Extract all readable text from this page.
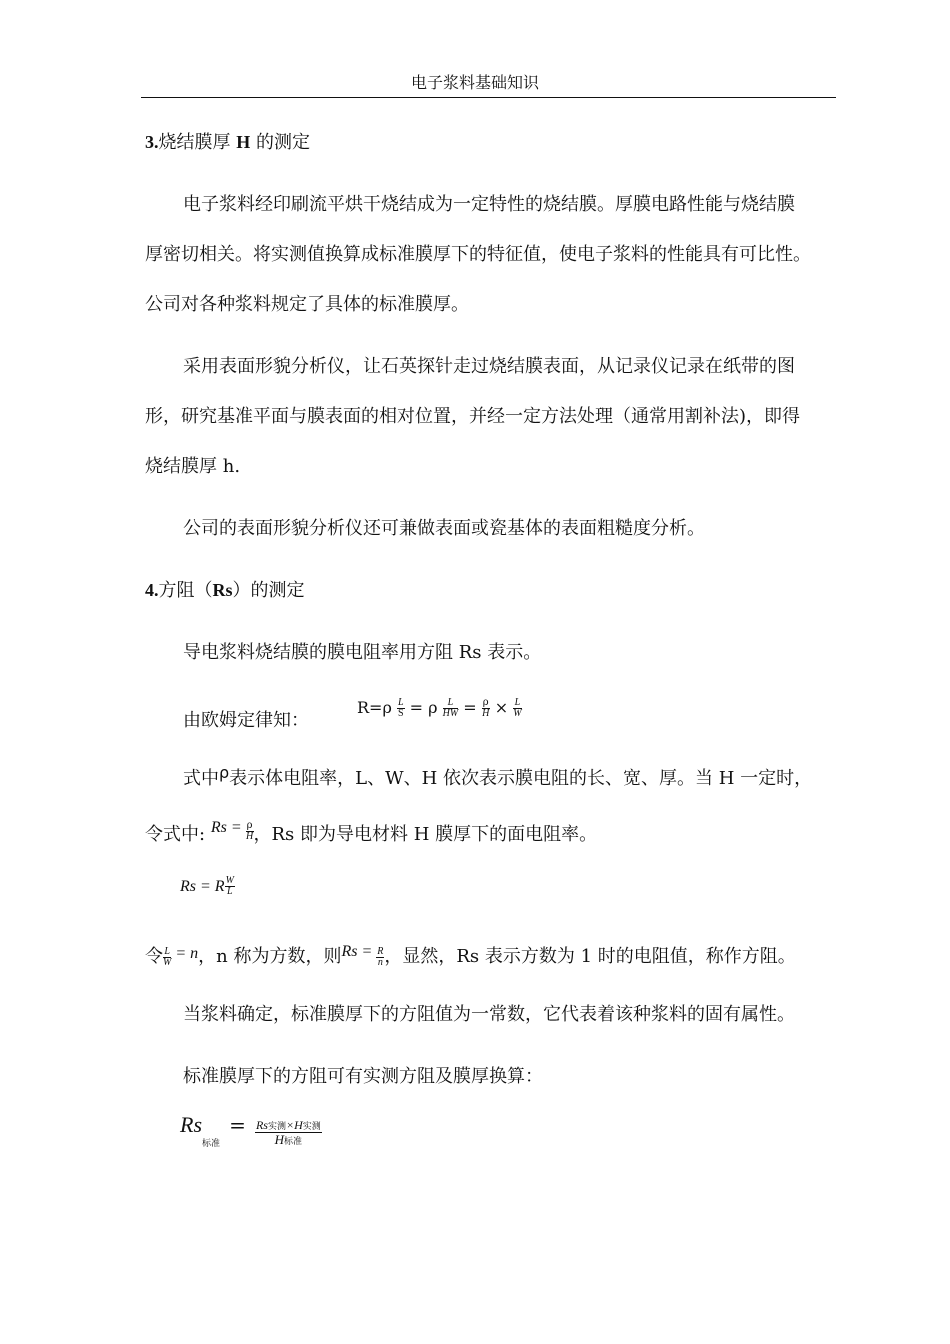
电子浆料基础知识
3.烧结膜厚 H 的测定
电子浆料经印刷流平烘干烧结成为一定特性的烧结膜。厚膜电路性能与烧结膜
厚密切相关。将实测值换算成标准膜厚下的特征值，使电子浆料的性能具有可比性。
公司对各种浆料规定了具体的标准膜厚。
采用表面形貌分析仪，让石英探针走过烧结膜表面，从记录仪记录在纸带的图
形，研究基准平面与膜表面的相对位置，并经一定方法处理（通常用割补法)，即得
烧结膜厚 h.
公司的表面形貌分析仪还可兼做表面或瓷基体的表面粗糙度分析。
4.方阻（Rs）的测定
导电浆料烧结膜的膜电阻率用方阻 Rs 表示。
由欧姆定律知：
$R=\rho \frac{L}{S} = \rho \frac{L}{HW} = \frac{\rho}{H} \times \frac{L}{W}$
式中ρ表示体电阻率，L、W、H 依次表示膜电阻的长、宽、厚。当 H 一定时，
令式中: $Rs = \frac{\rho}{H}$ ，Rs 即为导电材料 H 膜厚下的面电阻率。
Rs = R $\frac{W}{L}$
令 $\frac{L}{W} = n$，n 称为方数，则$Rs = \frac{R}{n}$ ，显然，Rs 表示方数为 1 时的电阻值，称作方阻。
当浆料确定，标准膜厚下的方阻值为一常数，它代表着该种浆料的固有属性。
标准膜厚下的方阻可有实测方阻及膜厚换算：
$Rs_{标准} = \frac{\text{Rs实测×H实测}}{\text{H标准}}$
